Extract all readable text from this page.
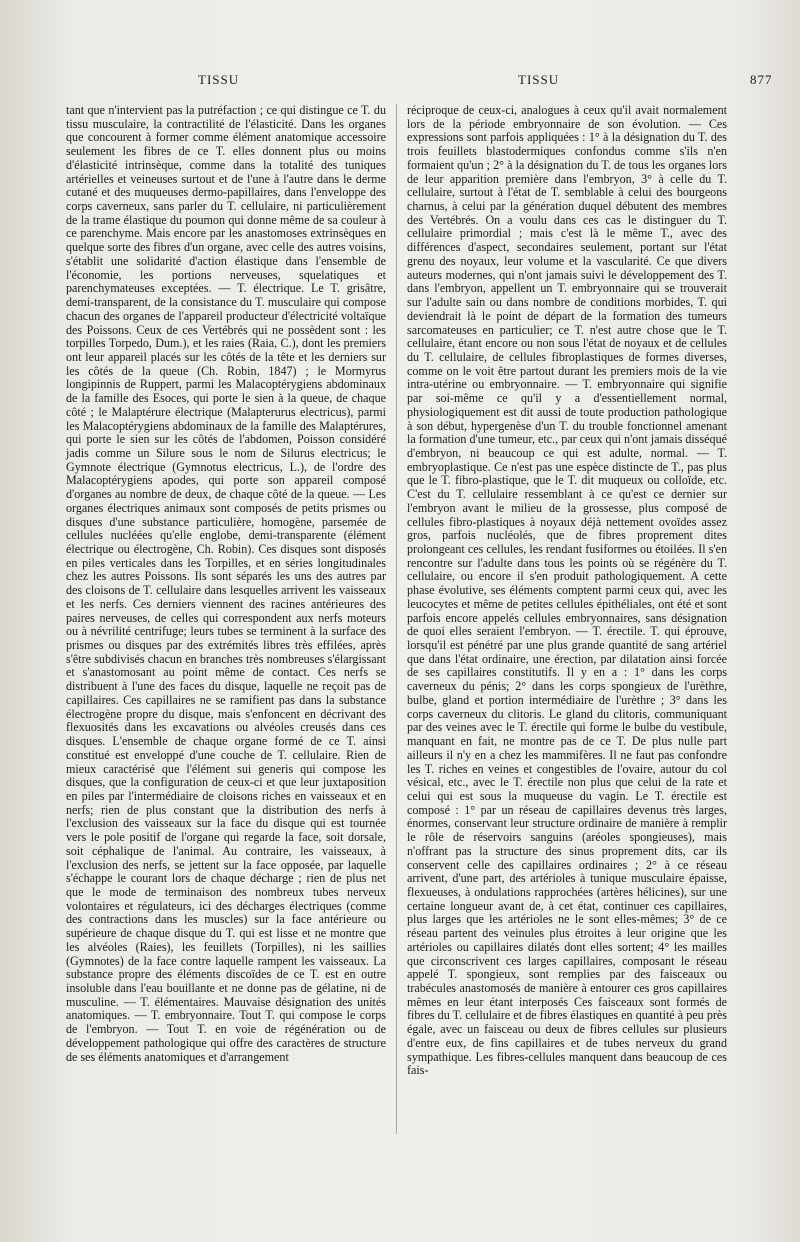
TISSU	TISSU	877
tant que n'intervient pas la putréfaction ; ce qui distingue ce T. du tissu musculaire, la contractilité de l'élasticité. Dans les organes que concourent à former comme élément anatomique accessoire seulement les fibres de ce T. elles donnent plus ou moins d'élasticité intrinsèque, comme dans la totalité des tuniques artérielles et veineuses surtout et de l'une à l'autre dans le derme cutané et des muqueuses dermo-papillaires, dans l'enveloppe des corps caverneux, sans parler du T. cellulaire, ni particulièrement de la trame élastique du poumon qui donne même de sa couleur à ce parenchyme. Mais encore par les anastomoses extrinsèques en quelque sorte des fibres d'un organe, avec celle des autres voisins, s'établit une solidarité d'action élastique dans l'ensemble de l'économie, les portions nerveuses, squelatiques et parenchymateuses exceptées. — T. électrique. Le T. grisâtre, demi-transparent, de la consistance du T. musculaire qui compose chacun des organes de l'appareil producteur d'électricité voltaïque des Poissons. Ceux de ces Vertébrés qui ne possèdent sont : les torpilles Torpedo, Dum.), et les raies (Raia, C.), dont les premiers ont leur appareil placés sur les côtés de la tête et les derniers sur les côtés de la queue (Ch. Robin, 1847) ; le Mormyrus longipinnis de Ruppert, parmi les Malacoptérygiens abdominaux de la famille des Esoces, qui porte le sien à la queue, de chaque côté ; le Malaptérure électrique (Malapterurus electricus), parmi les Malacoptérygiens abdominaux de la famille des Malaptérures, qui porte le sien sur les côtés de l'abdomen, Poisson considéré jadis comme un Silure sous le nom de Silurus electricus; le Gymnote électrique (Gymnotus electricus, L.), de l'ordre des Malacoptérygiens apodes, qui porte son appareil composé d'organes au nombre de deux, de chaque côté de la queue. — Les organes électriques animaux sont composés de petits prismes ou disques d'une substance particulière, homogène, parsemée de cellules nucléées qu'elle englobe, demi-transparente (élément électrique ou électrogène, Ch. Robin). Ces disques sont disposés en piles verticales dans les Torpilles, et en séries longitudinales chez les autres Poissons. Ils sont séparés les uns des autres par des cloisons de T. cellulaire dans lesquelles arrivent les vaisseaux et les nerfs. Ces derniers viennent des racines antérieures des paires nerveuses, de celles qui correspondent aux nerfs moteurs ou à névrilité centrifuge; leurs tubes se terminent à la surface des prismes ou disques par des extrémités libres très effilées, après s'être subdivisés chacun en branches très nombreuses s'élargissant et s'anastomosant au point même de contact. Ces nerfs se distribuent à l'une des faces du disque, laquelle ne reçoit pas de capillaires. Ces capillaires ne se ramifient pas dans la substance électrogène propre du disque, mais s'enfoncent en décrivant des flexuosités dans les excavations ou alvéoles creusés dans ces disques. L'ensemble de chaque organe formé de ce T. ainsi constitué est enveloppé d'une couche de T. cellulaire. Rien de mieux caractérisé que l'élément sui generis qui compose les disques, que la configuration de ceux-ci et que leur juxtaposition en piles par l'intermédiaire de cloisons riches en vaisseaux et en nerfs; rien de plus constant que la distribution des nerfs à l'exclusion des vaisseaux sur la face du disque qui est tournée vers le pole positif de l'organe qui regarde la face, soit dorsale, soit céphalique de l'animal. Au contraire, les vaisseaux, à l'exclusion des nerfs, se jettent sur la face opposée, par laquelle s'échappe le courant lors de chaque décharge ; rien de plus net que le mode de terminaison des nombreux tubes nerveux volontaires et régulateurs, ici des décharges électriques (comme des contractions dans les muscles) sur la face antérieure ou supérieure de chaque disque du T. qui est lisse et ne montre que les alvéoles (Raies), les feuillets (Torpilles), ni les saillies (Gymnotes) de la face contre laquelle rampent les vaisseaux. La substance propre des éléments discoïdes de ce T. est en outre insoluble dans l'eau bouillante et ne donne pas de gélatine, ni de musculine. — T. élémentaires. Mauvaise désignation des unités anatomiques. — T. embryonnaire. Tout T. qui compose le corps de l'embryon. — Tout T. en voie de régénération ou de développement pathologique qui offre des caractères de structure de ses éléments anatomiques et d'arrangement
réciproque de ceux-ci, analogues à ceux qu'il avait normalement lors de la période embryonnaire de son évolution. — Ces expressions sont parfois appliquées : 1° à la désignation du T. des trois feuillets blastodermiques confondus comme s'ils n'en formaient qu'un ; 2° à la désignation du T. de tous les organes lors de leur apparition première dans l'embryon, 3° à celle du T. cellulaire, surtout à l'état de T. semblable à celui des bourgeons charnus, à celui par la génération duquel débutent des membres des Vertébrés. On a voulu dans ces cas le distinguer du T. cellulaire primordial ; mais c'est là le même T., avec des différences d'aspect, secondaires seulement, portant sur l'état grenu des noyaux, leur volume et la vascularité. Ce que divers auteurs modernes, qui n'ont jamais suivi le développement des T. dans l'embryon, appellent un T. embryonnaire qui se trouverait sur l'adulte sain ou dans nombre de conditions morbides, T. qui deviendrait là le point de départ de la formation des tumeurs sarcomateuses en particulier; ce T. n'est autre chose que le T. cellulaire, étant encore ou non sous l'état de noyaux et de cellules du T. cellulaire, de cellules fibroplastiques de formes diverses, comme on le voit être partout durant les premiers mois de la vie intra-utérine ou embryonnaire. — T. embryonnaire qui signifie par soi-même ce qu'il y a d'essentiellement normal, physiologiquement est dit aussi de toute production pathologique à son début, hypergenèse d'un T. du trouble fonctionnel amenant la formation d'une tumeur, etc., par ceux qui n'ont jamais disséqué d'embryon, ni beaucoup ce qui est adulte, normal. — T. embryoplastique. Ce n'est pas une espèce distincte de T., pas plus que le T. fibro-plastique, que le T. dit muqueux ou colloïde, etc. C'est du T. cellulaire ressemblant à ce qu'est ce dernier sur l'embryon avant le milieu de la grossesse, plus composé de cellules fibro-plastiques à noyaux déjà nettement ovoïdes assez gros, parfois nucléolés, que de fibres proprement dites prolongeant ces cellules, les rendant fusiformes ou étoilées. Il s'en rencontre sur l'adulte dans tous les points où se régénère du T. cellulaire, ou encore il s'en produit pathologiquement. A cette phase évolutive, ses éléments comptent parmi ceux qui, avec les leucocytes et même de petites cellules épithéliales, ont été et sont parfois encore appelés cellules embryonnaires, sans désignation de quoi elles seraient l'embryon. — T. érectile. T. qui éprouve, lorsqu'il est pénétré par une plus grande quantité de sang artériel que dans l'état ordinaire, une érection, par dilatation ainsi forcée de ses capillaires constitutifs. Il y en a : 1° dans les corps caverneux du pénis; 2° dans les corps spongieux de l'urèthre, bulbe, gland et portion intermédiaire de l'urèthre ; 3° dans les corps caverneux du clitoris. Le gland du clitoris, communiquant par des veines avec le T. érectile qui forme le bulbe du vestibule, manquant en fait, ne montre pas de ce T. De plus nulle part ailleurs il n'y en a chez les mammifères. Il ne faut pas confondre les T. riches en veines et congestibles de l'ovaire, autour du col vésical, etc., avec le T. érectile non plus que celui de la rate et celui qui est sous la muqueuse du vagin. Le T. érectile est composé : 1° par un réseau de capillaires devenus très larges, énormes, conservant leur structure ordinaire de manière à remplir le rôle de réservoirs sanguins (aréoles spongieuses), mais n'offrant pas la structure des sinus proprement dits, car ils conservent celle des capillaires ordinaires ; 2° à ce réseau arrivent, d'une part, des artérioles à tunique musculaire épaisse, flexueuses, à ondulations rapprochées (artères hélicines), sur une certaine longueur avant de, à cet état, continuer ces capillaires, plus larges que les artérioles ne le sont elles-mêmes; 3° de ce réseau partent des veinules plus étroites à leur origine que les artérioles ou capillaires dilatés dont elles sortent; 4° les mailles que circonscrivent ces larges capillaires, composant le réseau appelé T. spongieux, sont remplies par des faisceaux ou trabécules anastomosés de manière à entourer ces gros capillaires mêmes en leur étant interposés Ces faisceaux sont formés de fibres du T. cellulaire et de fibres élastiques en quantité à peu près égale, avec un faisceau ou deux de fibres cellules sur plusieurs d'entre eux, de fins capillaires et de tubes nerveux du grand sympathique. Les fibres-cellules manquent dans beaucoup de ces fais-
